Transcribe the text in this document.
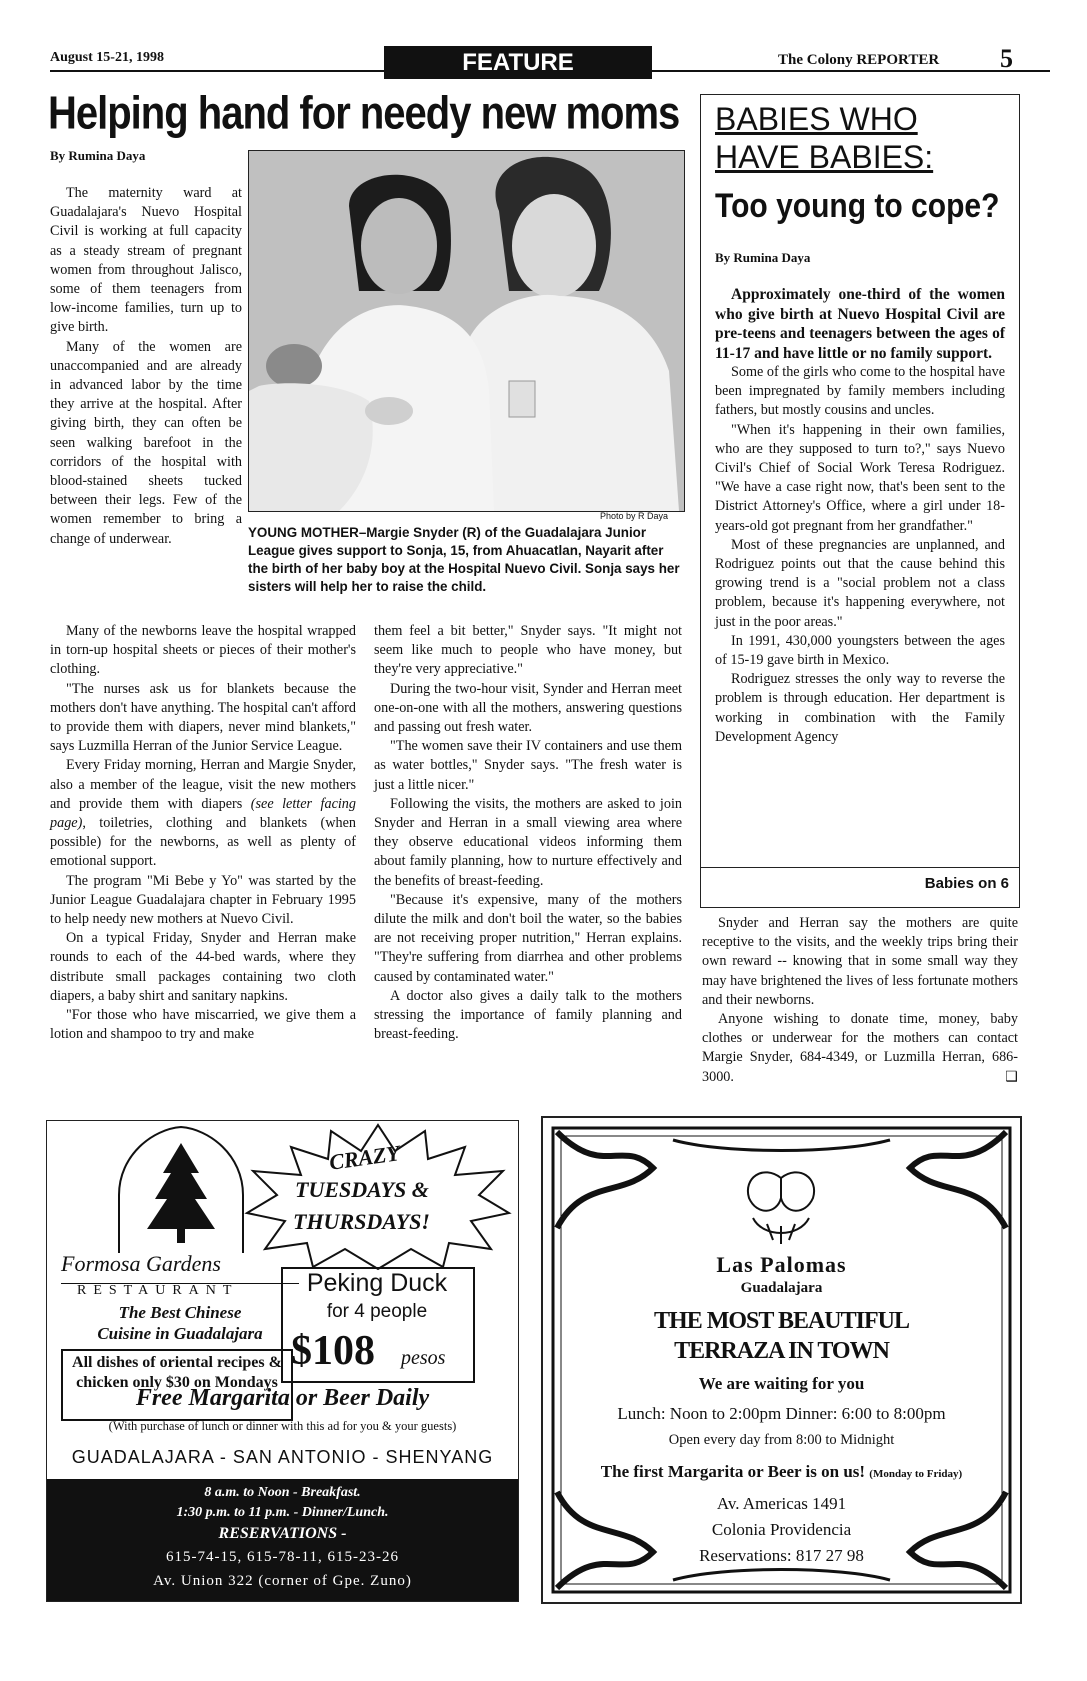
August 15-21, 1998	FEATURE	The Colony REPORTER 5
Helping hand for needy new moms
By Rumina Daya

The maternity ward at Guadalajara's Nuevo Hospital Civil is working at full capacity as a steady stream of pregnant women from throughout Jalisco, some of them teenagers from low-income families, turn up to give birth.

Many of the women are unaccompanied and are already in advanced labor by the time they arrive at the hospital. After giving birth, they can often be seen walking barefoot in the corridors of the hospital with blood-stained sheets tucked between their legs. Few of the women remember to bring a change of underwear.

Photo by R Daya
YOUNG MOTHER–Margie Snyder (R) of the Guadalajara Junior League gives support to Sonja, 15, from Ahuacatlan, Nayarit after the birth of her baby boy at the Hospital Nuevo Civil. Sonja says her sisters will help her to raise the child.

Many of the newborns leave the hospital wrapped in torn-up hospital sheets or pieces of their mother's clothing.

"The nurses ask us for blankets because the mothers don't have anything. The hospital can't afford to provide them with diapers, never mind blankets," says Luzmilla Herran of the Junior Service League.

Every Friday morning, Herran and Margie Snyder, also a member of the league, visit the new mothers and provide them with diapers (see letter facing page), toiletries, clothing and blankets (when possible) for the newborns, as well as plenty of emotional support.

The program "Mi Bebe y Yo" was started by the Junior League Guadalajara chapter in February 1995 to help needy new mothers at Nuevo Civil.

On a typical Friday, Snyder and Herran make rounds to each of the 44-bed wards, where they distribute small packages containing two cloth diapers, a baby shirt and sanitary napkins.

"For those who have miscarried, we give them a lotion and shampoo to try and make

them feel a bit better," Snyder says. "It might not seem like much to people who have money, but they're very appreciative."

During the two-hour visit, Synder and Herran meet one-on-one with all the mothers, answering questions and passing out fresh water.

"The women save their IV containers and use them as water bottles," Snyder says. "The fresh water is just a little nicer."

Following the visits, the mothers are asked to join Snyder and Herran in a small viewing area where they observe educational videos informing them about family planning, how to nurture effectively and the benefits of breast-feeding.

"Because it's expensive, many of the mothers dilute the milk and don't boil the water, so the babies are not receiving proper nutrition," Herran explains. "They're suffering from diarrhea and other problems caused by contaminated water."

A doctor also gives a daily talk to the mothers stressing the importance of family planning and breast-feeding.

BABIES WHO
HAVE BABIES:
Too young to cope?
By Rumina Daya

Approximately one-third of the women who give birth at Nuevo Hospital Civil are pre-teens and teenagers between the ages of 11-17 and have little or no family support.

Some of the girls who come to the hospital have been impregnated by family members including fathers, but mostly cousins and uncles.

"When it's happening in their own families, who are they supposed to turn to?," says Nuevo Civil's Chief of Social Work Teresa Rodriguez. "We have a case right now, that's been sent to the District Attorney's Office, where a girl under 18-years-old got pregnant from her grandfather."

Most of these pregnancies are unplanned, and Rodriguez points out that the cause behind this growing trend is a "social problem not a class problem, because it's happening everywhere, not just in the poor areas."

In 1991, 430,000 youngsters between the ages of 15-19 gave birth in Mexico.

Rodriguez stresses the only way to reverse the problem is through education. Her department is working in combination with the Family Development Agency

Babies on 6

Snyder and Herran say the mothers are quite receptive to the visits, and the weekly trips bring their own reward -- knowing that in some small way they may have brightened the lives of less fortunate mothers and their newborns.

Anyone wishing to donate time, money, baby clothes or underwear for the mothers can contact Margie Snyder, 684-4349, or Luzmilla Herran, 686-3000.	❑

Formosa Gardens
RESTAURANT
The Best Chinese
Cuisine in Guadalajara
All dishes of oriental recipes & chicken only $30 on Mondays
CRAZY
TUESDAYS &
THURSDAYS!
Peking Duck
for 4 people
$108 pesos
Free Margarita or Beer Daily
(With purchase of lunch or dinner with this ad for you & your guests)
GUADALAJARA - SAN ANTONIO - SHENYANG
8 a.m. to Noon - Breakfast.
1:30 p.m. to 11 p.m. - Dinner/Lunch.
RESERVATIONS -
615-74-15, 615-78-11, 615-23-26
Av. Union 322 (corner of Gpe. Zuno)
Las Palomas
Guadalajara
THE MOST BEAUTIFUL
TERRAZA IN TOWN
We are waiting for you
Lunch: Noon to 2:00pm Dinner: 6:00 to 8:00pm
Open every day from 8:00 to Midnight
The first Margarita or Beer is on us! (Monday to Friday)
Av. Americas 1491
Colonia Providencia
Reservations: 817 27 98
